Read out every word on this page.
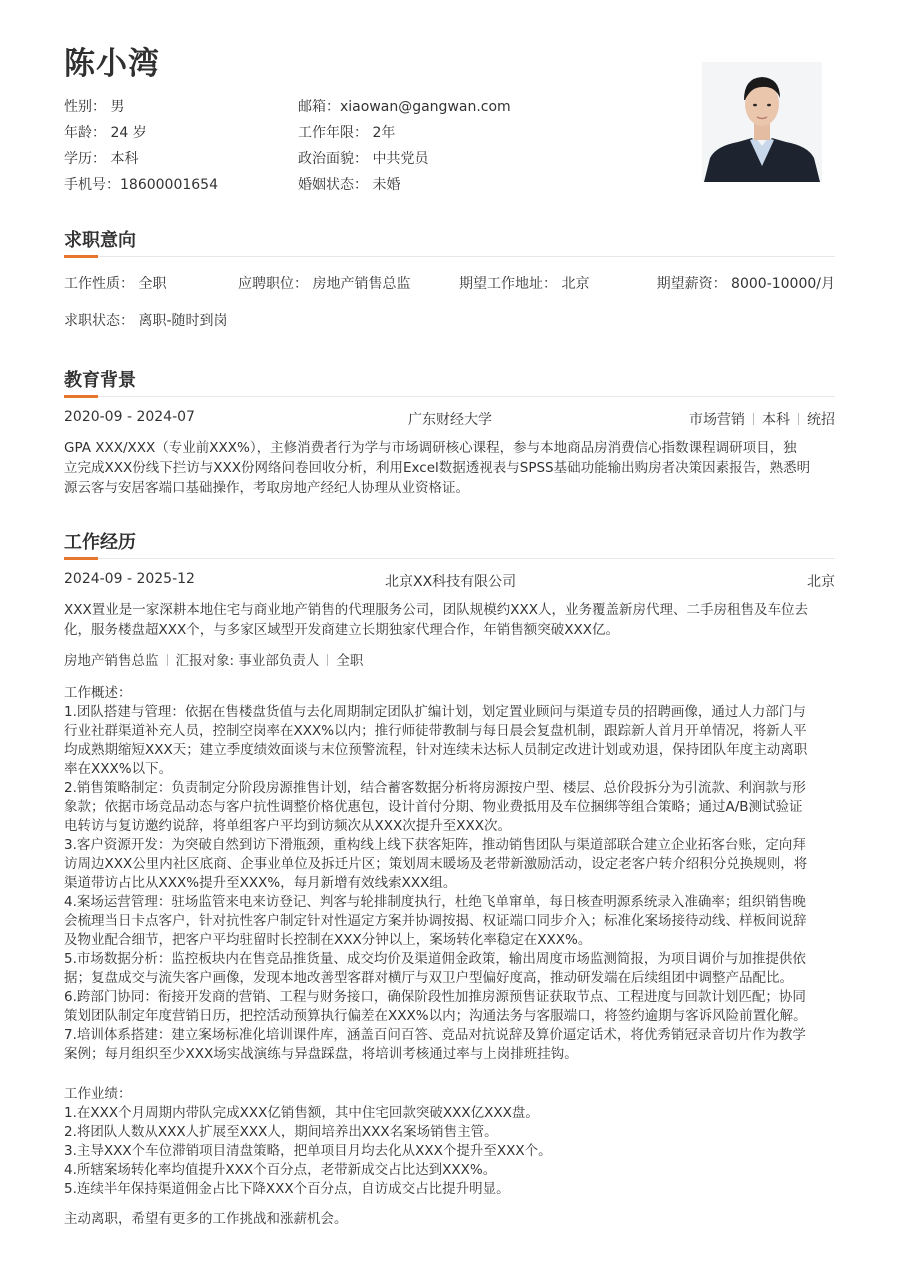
陈小湾
性别： 男	邮箱：xiaowan@gangwan.com
年龄： 24 岁	工作年限： 2年
学历： 本科	政治面貌： 中共党员
手机号：18600001654	婚姻状态： 未婚
求职意向
工作性质： 全职	应聘职位： 房地产销售总监	期望工作地址： 北京	期望薪资： 8000-10000/月
求职状态： 离职-随时到岗
教育背景
2020-09 - 2024-07	广东财经大学	市场营销 本科 统招
GPA XXX/XXX（专业前XXX%），主修消费者行为学与市场调研核心课程，参与本地商品房消费信心指数课程调研项目，独
立完成XXX份线下拦访与XXX份网络问卷回收分析，利用Excel数据透视表与SPSS基础功能输出购房者决策因素报告，熟悉明
源云客与安居客端口基础操作，考取房地产经纪人协理从业资格证。
工作经历
2024-09 - 2025-12	北京XX科技有限公司	北京
XXX置业是一家深耕本地住宅与商业地产销售的代理服务公司，团队规模约XXX人，业务覆盖新房代理、二手房租售及车位去
化，服务楼盘超XXX个，与多家区域型开发商建立长期独家代理合作，年销售额突破XXX亿。
房地产销售总监 汇报对象: 事业部负责人 全职
工作概述：
1.团队搭建与管理：依据在售楼盘货值与去化周期制定团队扩编计划，划定置业顾问与渠道专员的招聘画像，通过人力部门与
行业社群渠道补充人员，控制空岗率在XXX%以内；推行师徒带教制与每日晨会复盘机制，跟踪新人首月开单情况，将新人平
均成熟期缩短XXX天；建立季度绩效面谈与末位预警流程，针对连续未达标人员制定改进计划或劝退，保持团队年度主动离职
率在XXX%以下。
2.销售策略制定：负责制定分阶段房源推售计划，结合蓄客数据分析将房源按户型、楼层、总价段拆分为引流款、利润款与形
象款；依据市场竞品动态与客户抗性调整价格优惠包，设计首付分期、物业费抵用及车位捆绑等组合策略；通过A/B测试验证
电转访与复访邀约说辞，将单组客户平均到访频次从XXX次提升至XXX次。
3.客户资源开发：为突破自然到访下滑瓶颈，重构线上线下获客矩阵，推动销售团队与渠道部联合建立企业拓客台账，定向拜
访周边XXX公里内社区底商、企事业单位及拆迁片区；策划周末暖场及老带新激励活动，设定老客户转介绍积分兑换规则，将
渠道带访占比从XXX%提升至XXX%，每月新增有效线索XXX组。
4.案场运营管理：驻场监管来电来访登记、判客与轮排制度执行，杜绝飞单窜单，每日核查明源系统录入准确率；组织销售晚
会梳理当日卡点客户，针对抗性客户制定针对性逼定方案并协调按揭、权证端口同步介入；标准化案场接待动线、样板间说辞
及物业配合细节，把客户平均驻留时长控制在XXX分钟以上，案场转化率稳定在XXX%。
5.市场数据分析：监控板块内在售竞品推货量、成交均价及渠道佣金政策，输出周度市场监测简报，为项目调价与加推提供依
据；复盘成交与流失客户画像，发现本地改善型客群对横厅与双卫户型偏好度高，推动研发端在后续组团中调整产品配比。
6.跨部门协同：衔接开发商的营销、工程与财务接口，确保阶段性加推房源预售证获取节点、工程进度与回款计划匹配；协同
策划团队制定年度营销日历，把控活动预算执行偏差在XXX%以内；沟通法务与客服端口，将签约逾期与客诉风险前置化解。
7.培训体系搭建：建立案场标准化培训课件库，涵盖百问百答、竞品对抗说辞及算价逼定话术，将优秀销冠录音切片作为教学
案例；每月组织至少XXX场实战演练与异盘踩盘，将培训考核通过率与上岗排班挂钩。
工作业绩：
1.在XXX个月周期内带队完成XXX亿销售额，其中住宅回款突破XXX亿XXX盘。
2.将团队人数从XXX人扩展至XXX人，期间培养出XXX名案场销售主管。
3.主导XXX个车位滞销项目清盘策略，把单项目月均去化从XXX个提升至XXX个。
4.所辖案场转化率均值提升XXX个百分点，老带新成交占比达到XXX%。
5.连续半年保持渠道佣金占比下降XXX个百分点，自访成交占比提升明显。
主动离职，希望有更多的工作挑战和涨薪机会。
